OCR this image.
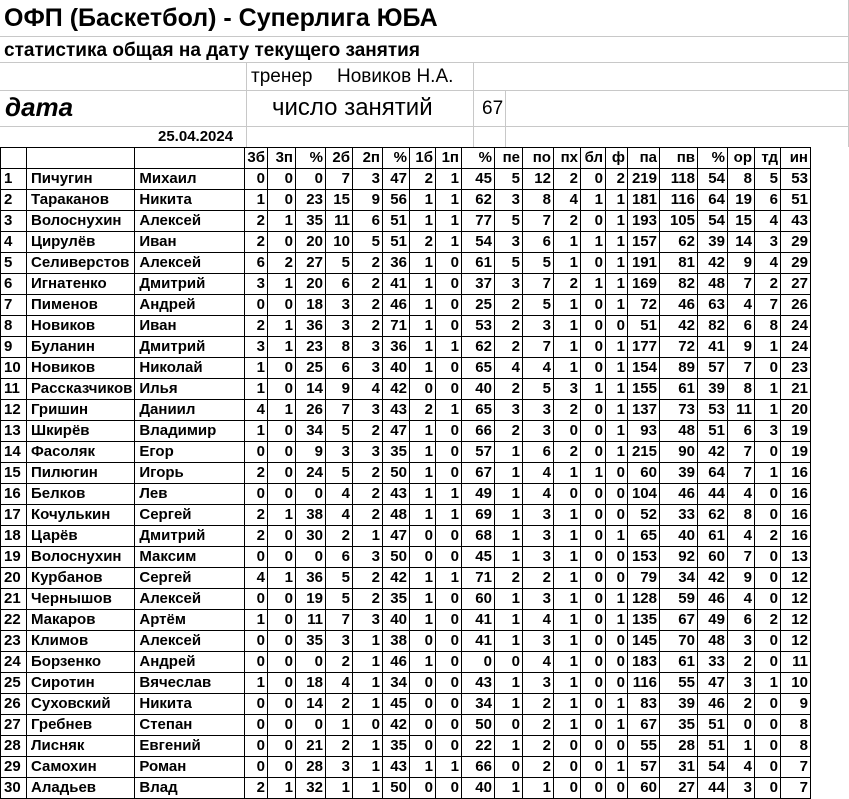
ОФП (Баскетбол) - Суперлига ЮБА
статистика общая на дату текущего занятия
тренер Новиков Н.А.
дата	число занятий	67
25.04.2024
			3б	3п	%	2б	2п	%	1б	1п	%	пе	по	пх	бл	ф	па	пв	%	ор	тд	ин
1	Пичугин	Михаил	0	0	0	7	3	47	2	1	45	5	12	2	0	2	219	118	54	8	5	53
2	Тараканов	Никита	1	0	23	15	9	56	1	1	62	3	8	4	1	1	181	116	64	19	6	51
3	Волоснухин	Алексей	2	1	35	11	6	51	1	1	77	5	7	2	0	1	193	105	54	15	4	43
4	Цирулёв	Иван	2	0	20	10	5	51	2	1	54	3	6	1	1	1	157	62	39	14	3	29
5	Селиверстов	Алексей	6	2	27	5	2	36	1	0	61	5	5	1	0	1	191	81	42	9	4	29
6	Игнатенко	Дмитрий	3	1	20	6	2	41	1	0	37	3	7	2	1	1	169	82	48	7	2	27
7	Пименов	Андрей	0	0	18	3	2	46	1	0	25	2	5	1	0	1	72	46	63	4	7	26
8	Новиков	Иван	2	1	36	3	2	71	1	0	53	2	3	1	0	0	51	42	82	6	8	24
9	Буланин	Дмитрий	3	1	23	8	3	36	1	1	62	2	7	1	0	1	177	72	41	9	1	24
10	Новиков	Николай	1	0	25	6	3	40	1	0	65	4	4	1	0	1	154	89	57	7	0	23
11	Рассказчиков	Илья	1	0	14	9	4	42	0	0	40	2	5	3	1	1	155	61	39	8	1	21
12	Гришин	Даниил	4	1	26	7	3	43	2	1	65	3	3	2	0	1	137	73	53	11	1	20
13	Шкирёв	Владимир	1	0	34	5	2	47	1	0	66	2	3	0	0	1	93	48	51	6	3	19
14	Фасоляк	Егор	0	0	9	3	3	35	1	0	57	1	6	2	0	1	215	90	42	7	0	19
15	Пилюгин	Игорь	2	0	24	5	2	50	1	0	67	1	4	1	1	0	60	39	64	7	1	16
16	Белков	Лев	0	0	0	4	2	43	1	1	49	1	4	0	0	0	104	46	44	4	0	16
17	Кочулькин	Сергей	2	1	38	4	2	48	1	1	69	1	3	1	0	0	52	33	62	8	0	16
18	Царёв	Дмитрий	2	0	30	2	1	47	0	0	68	1	3	1	0	1	65	40	61	4	2	16
19	Волоснухин	Максим	0	0	0	6	3	50	0	0	45	1	3	1	0	0	153	92	60	7	0	13
20	Курбанов	Сергей	4	1	36	5	2	42	1	1	71	2	2	1	0	0	79	34	42	9	0	12
21	Чернышов	Алексей	0	0	19	5	2	35	1	0	60	1	3	1	0	1	128	59	46	4	0	12
22	Макаров	Артём	1	0	11	7	3	40	1	0	41	1	4	1	0	1	135	67	49	6	2	12
23	Климов	Алексей	0	0	35	3	1	38	0	0	41	1	3	1	0	0	145	70	48	3	0	12
24	Борзенко	Андрей	0	0	0	2	1	46	1	0	0	0	4	1	0	0	183	61	33	2	0	11
25	Сиротин	Вячеслав	1	0	18	4	1	34	0	0	43	1	3	1	0	0	116	55	47	3	1	10
26	Суховский	Никита	0	0	14	2	1	45	0	0	34	1	2	1	0	1	83	39	46	2	0	9
27	Гребнев	Степан	0	0	0	1	0	42	0	0	50	0	2	1	0	1	67	35	51	0	0	8
28	Лисняк	Евгений	0	0	21	2	1	35	0	0	22	1	2	0	0	0	55	28	51	1	0	8
29	Самохин	Роман	0	0	28	3	1	43	1	1	66	0	2	0	0	1	57	31	54	4	0	7
30	Аладьев	Влад	2	1	32	1	1	50	0	0	40	1	1	0	0	0	60	27	44	3	0	7
